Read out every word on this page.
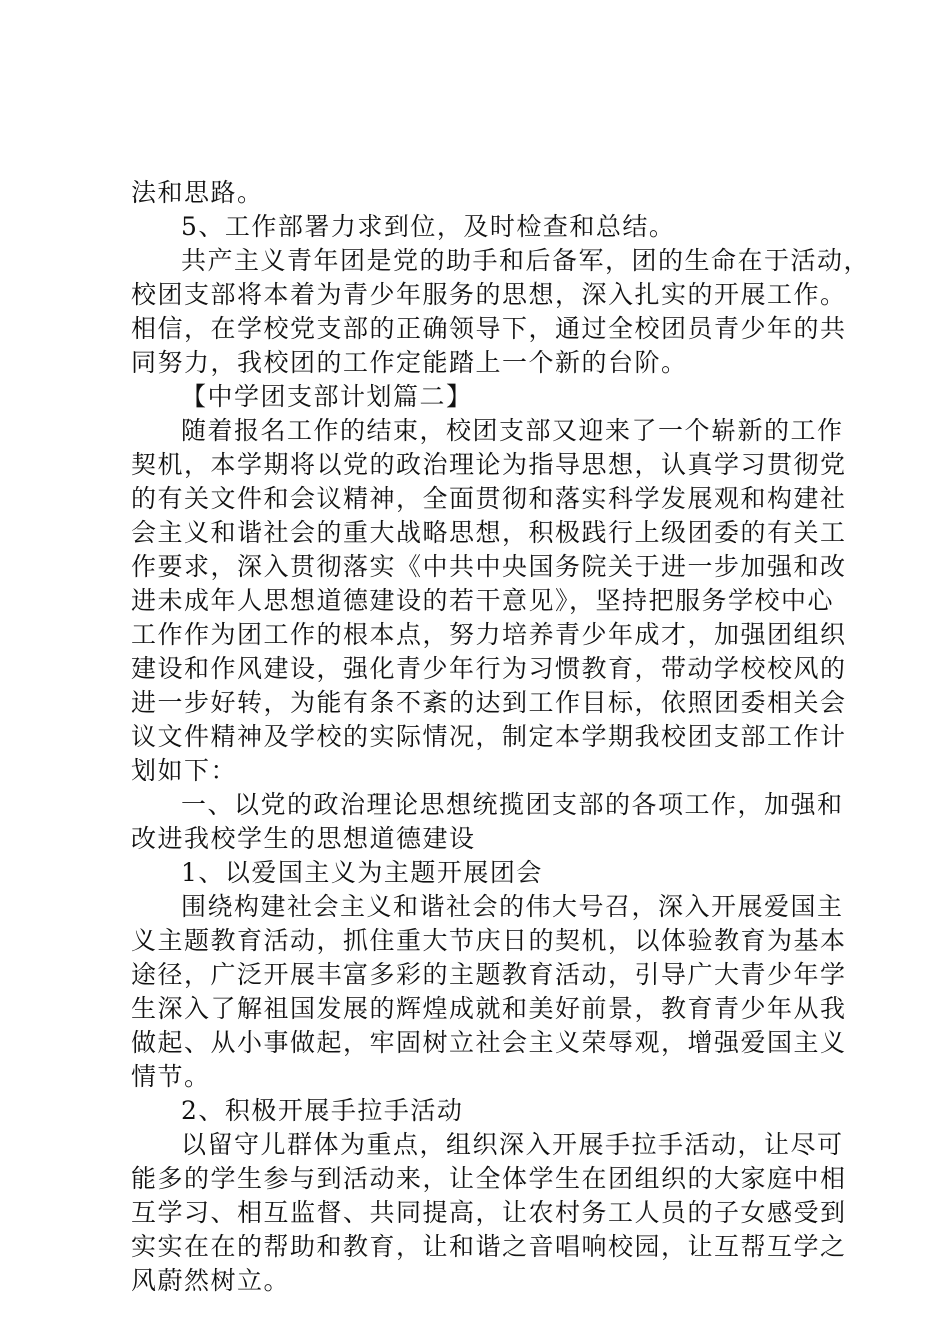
法和思路。
5、工作部署力求到位，及时检查和总结。
共产主义青年团是党的助手和后备军，团的生命在于活动，
校团支部将本着为青少年服务的思想，深入扎实的开展工作。
相信，在学校党支部的正确领导下，通过全校团员青少年的共
同努力，我校团的工作定能踏上一个新的台阶。
【中学团支部计划篇二】
随着报名工作的结束，校团支部又迎来了一个崭新的工作
契机，本学期将以党的政治理论为指导思想，认真学习贯彻党
的有关文件和会议精神，全面贯彻和落实科学发展观和构建社
会主义和谐社会的重大战略思想，积极践行上级团委的有关工
作要求，深入贯彻落实《中共中央国务院关于进一步加强和改
进未成年人思想道德建设的若干意见》，坚持把服务学校中心
工作作为团工作的根本点，努力培养青少年成才，加强团组织
建设和作风建设，强化青少年行为习惯教育，带动学校校风的
进一步好转，为能有条不紊的达到工作目标，依照团委相关会
议文件精神及学校的实际情况，制定本学期我校团支部工作计
划如下：
一、以党的政治理论思想统揽团支部的各项工作，加强和
改进我校学生的思想道德建设
1、以爱国主义为主题开展团会
围绕构建社会主义和谐社会的伟大号召，深入开展爱国主
义主题教育活动，抓住重大节庆日的契机，以体验教育为基本
途径，广泛开展丰富多彩的主题教育活动，引导广大青少年学
生深入了解祖国发展的辉煌成就和美好前景，教育青少年从我
做起、从小事做起，牢固树立社会主义荣辱观，增强爱国主义
情节。
2、积极开展手拉手活动
以留守儿群体为重点，组织深入开展手拉手活动，让尽可
能多的学生参与到活动来，让全体学生在团组织的大家庭中相
互学习、相互监督、共同提高，让农村务工人员的子女感受到
实实在在的帮助和教育，让和谐之音唱响校园，让互帮互学之
风蔚然树立。
